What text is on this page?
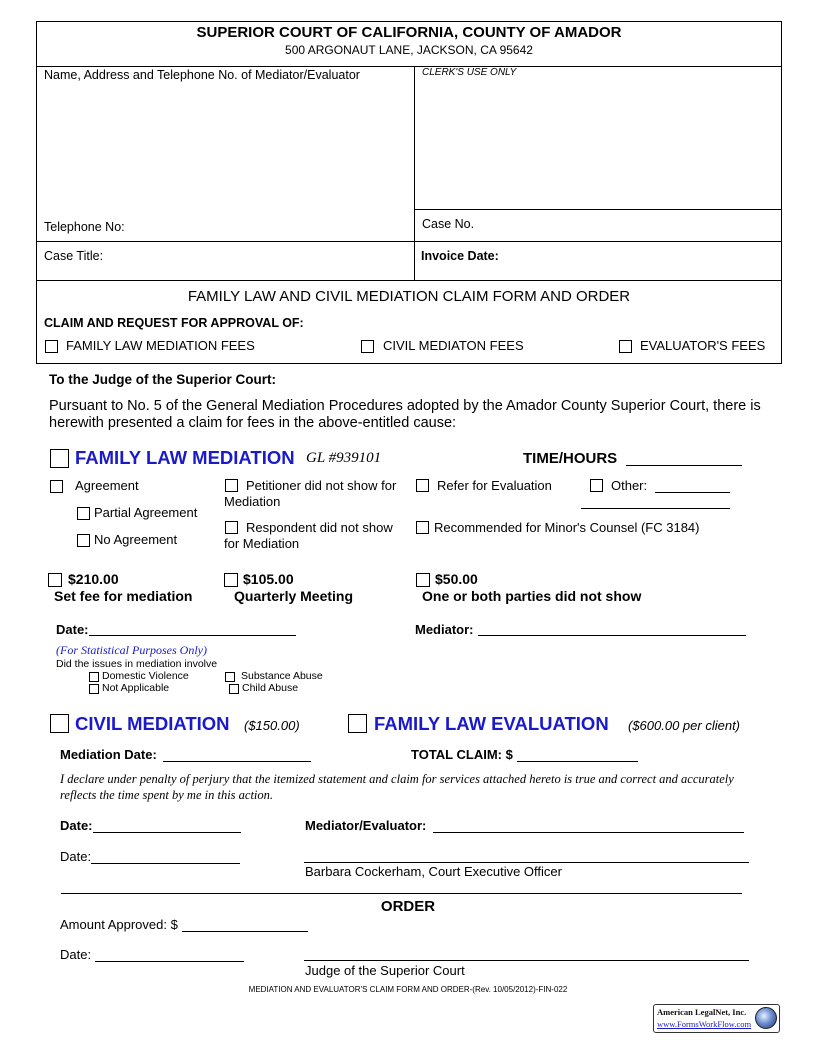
SUPERIOR COURT OF CALIFORNIA, COUNTY OF AMADOR
500 ARGONAUT LANE, JACKSON, CA 95642
Name, Address and Telephone No. of Mediator/Evaluator	CLERK'S USE ONLY
Telephone No:	Case No.
Case Title:	Invoice Date:
FAMILY LAW AND CIVIL MEDIATION CLAIM FORM AND ORDER
CLAIM AND REQUEST FOR APPROVAL OF:
FAMILY LAW MEDIATION FEES	CIVIL MEDIATON FEES	EVALUATOR'S FEES
To the Judge of the Superior Court:
Pursuant to No. 5 of the General Mediation Procedures adopted by the Amador County Superior Court, there is herewith presented a claim for fees in the above-entitled cause:
FAMILY LAW MEDIATION GL #939101	TIME/HOURS
Agreement
Partial Agreement
No Agreement
Petitioner did not show for
Mediation
Respondent did not show
for Mediation
Refer for Evaluation	Other:
Recommended for Minor's Counsel (FC 3184)
$210.00
Set fee for mediation
$105.00
Quarterly Meeting
$50.00
One or both parties did not show
Date:	Mediator:
(For Statistical Purposes Only)
Did the issues in mediation involve
Domestic Violence	Substance Abuse
Not Applicable	Child Abuse
CIVIL MEDIATION ($150.00)	FAMILY LAW EVALUATION ($600.00 per client)
Mediation Date:	TOTAL CLAIM: $
I declare under penalty of perjury that the itemized statement and claim for services attached hereto is true and correct and accurately reflects the time spent by me in this action.
Date:	Mediator/Evaluator:
Date:
Barbara Cockerham, Court Executive Officer
ORDER
Amount Approved: $
Date:
Judge of the Superior Court
MEDIATION AND EVALUATOR'S CLAIM FORM AND ORDER-(Rev. 10/05/2012)-FIN-022
American LegalNet, Inc.
www.FormsWorkFlow.com
